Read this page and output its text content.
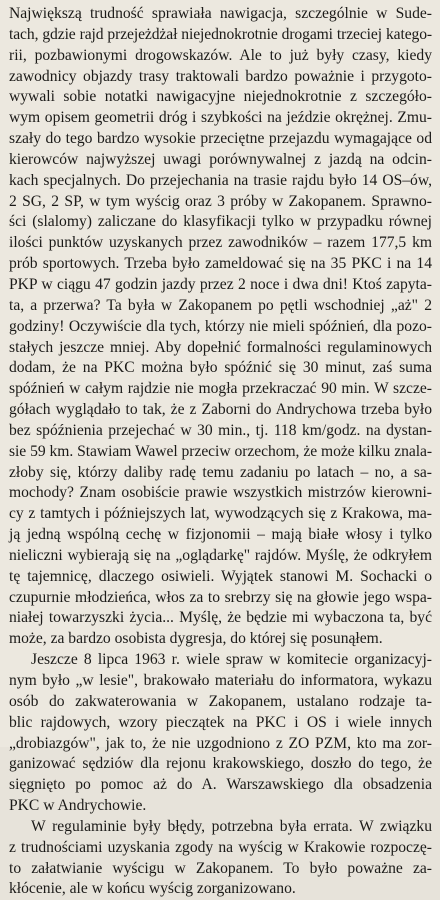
Największą trudność sprawiała nawigacja, szczególnie w Sude-
tach, gdzie rajd przejeżdżał niejednokrotnie drogami trzeciej katego-
rii, pozbawionymi drogowskazów. Ale to już były czasy, kiedy
zawodnicy objazdy trasy traktowali bardzo poważnie i przygoto-
wywali sobie notatki nawigacyjne niejednokrotnie z szczegóło-
wym opisem geometrii dróg i szybkości na jeździe okrężnej. Zmu-
szały do tego bardzo wysokie przeciętne przejazdu wymagające od
kierowców najwyższej uwagi porównywalnej z jazdą na odcin-
kach specjalnych. Do przejechania na trasie rajdu było 14 OS–ów,
2 SG, 2 SP, w tym wyścig oraz 3 próby w Zakopanem. Sprawno-
ści (slalomy) zaliczane do klasyfikacji tylko w przypadku równej
ilości punktów uzyskanych przez zawodników – razem 177,5 km
prób sportowych. Trzeba było zameldować się na 35 PKC i na 14
PKP w ciągu 47 godzin jazdy przez 2 noce i dwa dni! Ktoś zapyta-
ta, a przerwa? Ta była w Zakopanem po pętli wschodniej „aż" 2
godziny! Oczywiście dla tych, którzy nie mieli spóźnień, dla pozo-
stałych jeszcze mniej. Aby dopełnić formalności regulaminowych
dodam, że na PKC można było spóźnić się 30 minut, zaś suma
spóźnień w całym rajdzie nie mogła przekraczać 90 min. W szcze-
gółach wyglądało to tak, że z Zaborni do Andrychowa trzeba było
bez spóźnienia przejechać w 30 min., tj. 118 km/godz. na dystan-
sie 59 km. Stawiam Wawel przeciw orzechom, że może kilku znala-
złoby się, którzy daliby radę temu zadaniu po latach – no, a sa-
mochody? Znam osobiście prawie wszystkich mistrzów kierowni-
cy z tamtych i późniejszych lat, wywodzących się z Krakowa, ma-
ją jedną wspólną cechę w fizjonomii – mają białe włosy i tylko
nieliczni wybierają się na „oglądarkę" rajdów. Myślę, że odkryłem
tę tajemnicę, dlaczego osiwieli. Wyjątek stanowi M. Sochacki o
czupurnie młodzieńca, włos za to srebrzy się na głowie jego wspa-
niałej towarzyszki życia... Myślę, że będzie mi wybaczona ta, być
może, za bardzo osobista dygresja, do której się posunąłem.
Jeszcze 8 lipca 1963 r. wiele spraw w komitecie organizacyj-
nym było „w lesie", brakowało materiału do informatora, wykazu
osób do zakwaterowania w Zakopanem, ustalano rodzaje ta-
blic rajdowych, wzory pieczątek na PKC i OS i wiele innych
„drobiazgów", jak to, że nie uzgodniono z ZO PZM, kto ma zor-
ganizować sędziów dla rejonu krakowskiego, doszło do tego, że
sięgnięto po pomoc aż do A. Warszawskiego dla obsadzenia
PKC w Andrychowie.
W regulaminie były błędy, potrzebna była errata. W związku
z trudnościami uzyskania zgody na wyścig w Krakowie rozpoczę-
to załatwianie wyścigu w Zakopanem. To było poważne za-
kłócenie, ale w końcu wyścig zorganizowano.
